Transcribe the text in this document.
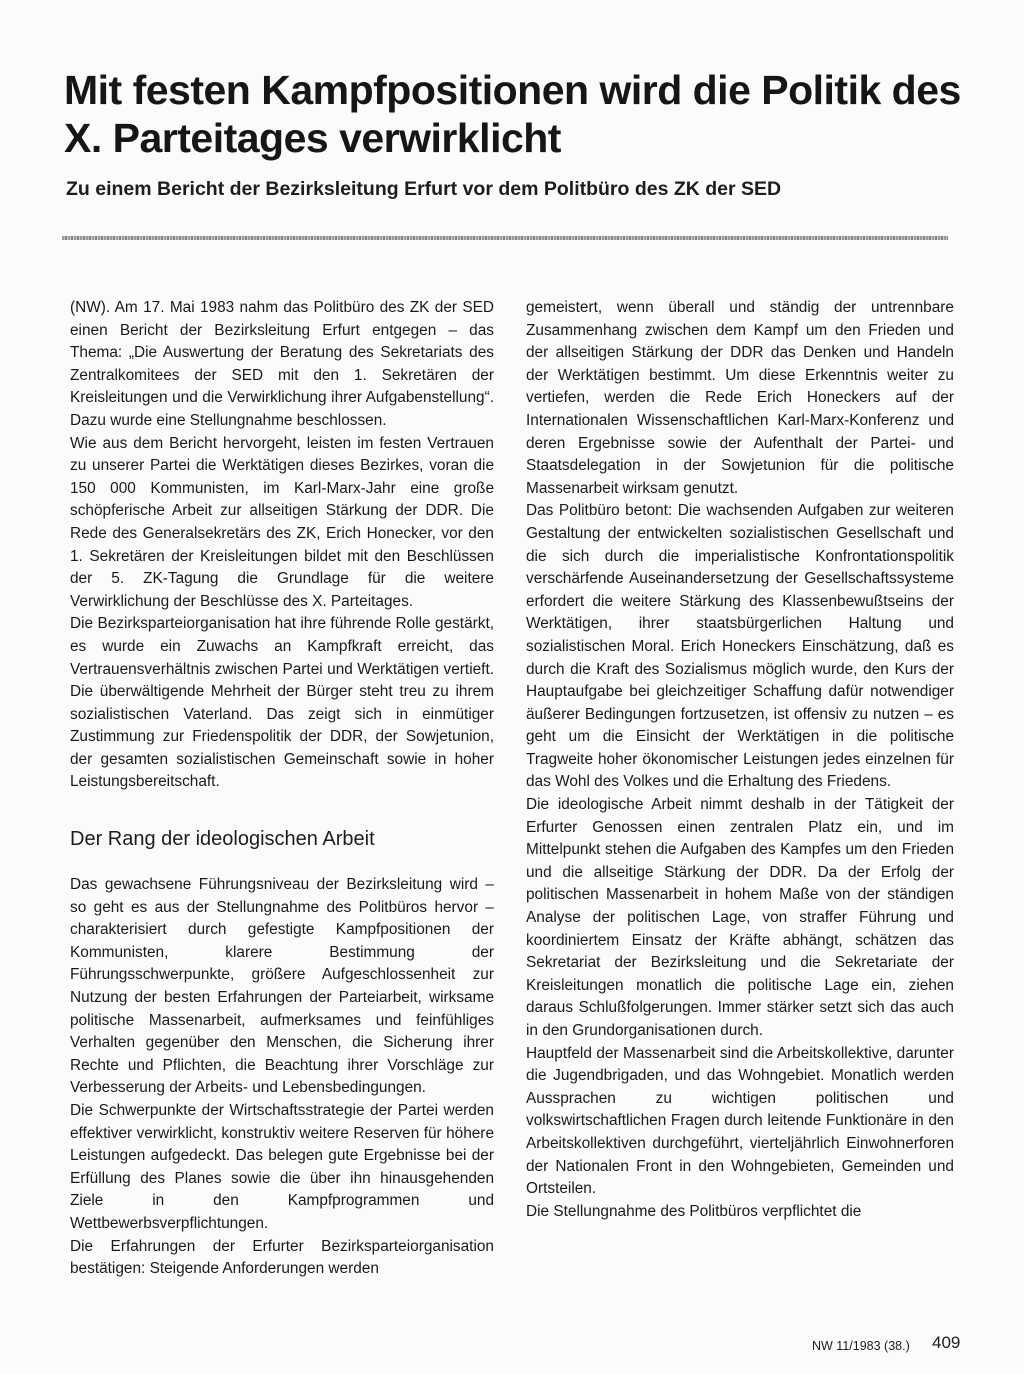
Mit festen Kampfpositionen wird die Politik des X. Parteitages verwirklicht
Zu einem Bericht der Bezirksleitung Erfurt vor dem Politbüro des ZK der SED

(NW). Am 17. Mai 1983 nahm das Politbüro des ZK der SED einen Bericht der Bezirksleitung Erfurt entgegen – das Thema: „Die Auswertung der Beratung des Sekretariats des Zentralkomitees der SED mit den 1. Sekretären der Kreisleitungen und die Verwirklichung ihrer Aufgabenstellung“. Dazu wurde eine Stellungnahme beschlossen.

Wie aus dem Bericht hervorgeht, leisten im festen Vertrauen zu unserer Partei die Werktätigen dieses Bezirkes, voran die 150 000 Kommunisten, im Karl-Marx-Jahr eine große schöpferische Arbeit zur allseitigen Stärkung der DDR. Die Rede des Generalsekretärs des ZK, Erich Honecker, vor den 1. Sekretären der Kreisleitungen bildet mit den Beschlüssen der 5. ZK-Tagung die Grundlage für die weitere Verwirklichung der Beschlüsse des X. Parteitages.

Die Bezirksparteiorganisation hat ihre führende Rolle gestärkt, es wurde ein Zuwachs an Kampfkraft erreicht, das Vertrauensverhältnis zwischen Partei und Werktätigen vertieft. Die überwältigende Mehrheit der Bürger steht treu zu ihrem sozialistischen Vaterland. Das zeigt sich in einmütiger Zustimmung zur Friedenspolitik der DDR, der Sowjetunion, der gesamten sozialistischen Gemeinschaft sowie in hoher Leistungsbereitschaft.

Der Rang der ideologischen Arbeit

Das gewachsene Führungsniveau der Bezirksleitung wird – so geht es aus der Stellungnahme des Politbüros hervor – charakterisiert durch gefestigte Kampfpositionen der Kommunisten, klarere Bestimmung der Führungsschwerpunkte, größere Aufgeschlossenheit zur Nutzung der besten Erfahrungen der Parteiarbeit, wirksame politische Massenarbeit, aufmerksames und feinfühliges Verhalten gegenüber den Menschen, die Sicherung ihrer Rechte und Pflichten, die Beachtung ihrer Vorschläge zur Verbesserung der Arbeits- und Lebensbedingungen.

Die Schwerpunkte der Wirtschaftsstrategie der Partei werden effektiver verwirklicht, konstruktiv weitere Reserven für höhere Leistungen aufgedeckt. Das belegen gute Ergebnisse bei der Erfüllung des Planes sowie die über ihn hinausgehenden Ziele in den Kampfprogrammen und Wettbewerbsverpflichtungen.

Die Erfahrungen der Erfurter Bezirksparteiorganisation bestätigen: Steigende Anforderungen werden

gemeistert, wenn überall und ständig der untrennbare Zusammenhang zwischen dem Kampf um den Frieden und der allseitigen Stärkung der DDR das Denken und Handeln der Werktätigen bestimmt. Um diese Erkenntnis weiter zu vertiefen, werden die Rede Erich Honeckers auf der Internationalen Wissenschaftlichen Karl-Marx-Konferenz und deren Ergebnisse sowie der Aufenthalt der Partei- und Staatsdelegation in der Sowjetunion für die politische Massenarbeit wirksam genutzt.

Das Politbüro betont: Die wachsenden Aufgaben zur weiteren Gestaltung der entwickelten sozialistischen Gesellschaft und die sich durch die imperialistische Konfrontationspolitik verschärfende Auseinandersetzung der Gesellschaftssysteme erfordert die weitere Stärkung des Klassenbewußtseins der Werktätigen, ihrer staatsbürgerlichen Haltung und sozialistischen Moral. Erich Honeckers Einschätzung, daß es durch die Kraft des Sozialismus möglich wurde, den Kurs der Hauptaufgabe bei gleichzeitiger Schaffung dafür notwendiger äußerer Bedingungen fortzusetzen, ist offensiv zu nutzen – es geht um die Einsicht der Werktätigen in die politische Tragweite hoher ökonomischer Leistungen jedes einzelnen für das Wohl des Volkes und die Erhaltung des Friedens.

Die ideologische Arbeit nimmt deshalb in der Tätigkeit der Erfurter Genossen einen zentralen Platz ein, und im Mittelpunkt stehen die Aufgaben des Kampfes um den Frieden und die allseitige Stärkung der DDR. Da der Erfolg der politischen Massenarbeit in hohem Maße von der ständigen Analyse der politischen Lage, von straffer Führung und koordiniertem Einsatz der Kräfte abhängt, schätzen das Sekretariat der Bezirksleitung und die Sekretariate der Kreisleitungen monatlich die politische Lage ein, ziehen daraus Schlußfolgerungen. Immer stärker setzt sich das auch in den Grundorganisationen durch.

Hauptfeld der Massenarbeit sind die Arbeitskollektive, darunter die Jugendbrigaden, und das Wohngebiet. Monatlich werden Aussprachen zu wichtigen politischen und volkswirtschaftlichen Fragen durch leitende Funktionäre in den Arbeitskollektiven durchgeführt, vierteljährlich Einwohnerforen der Nationalen Front in den Wohngebieten, Gemeinden und Ortsteilen.

Die Stellungnahme des Politbüros verpflichtet die

NW 11/1983 (38.) 409
